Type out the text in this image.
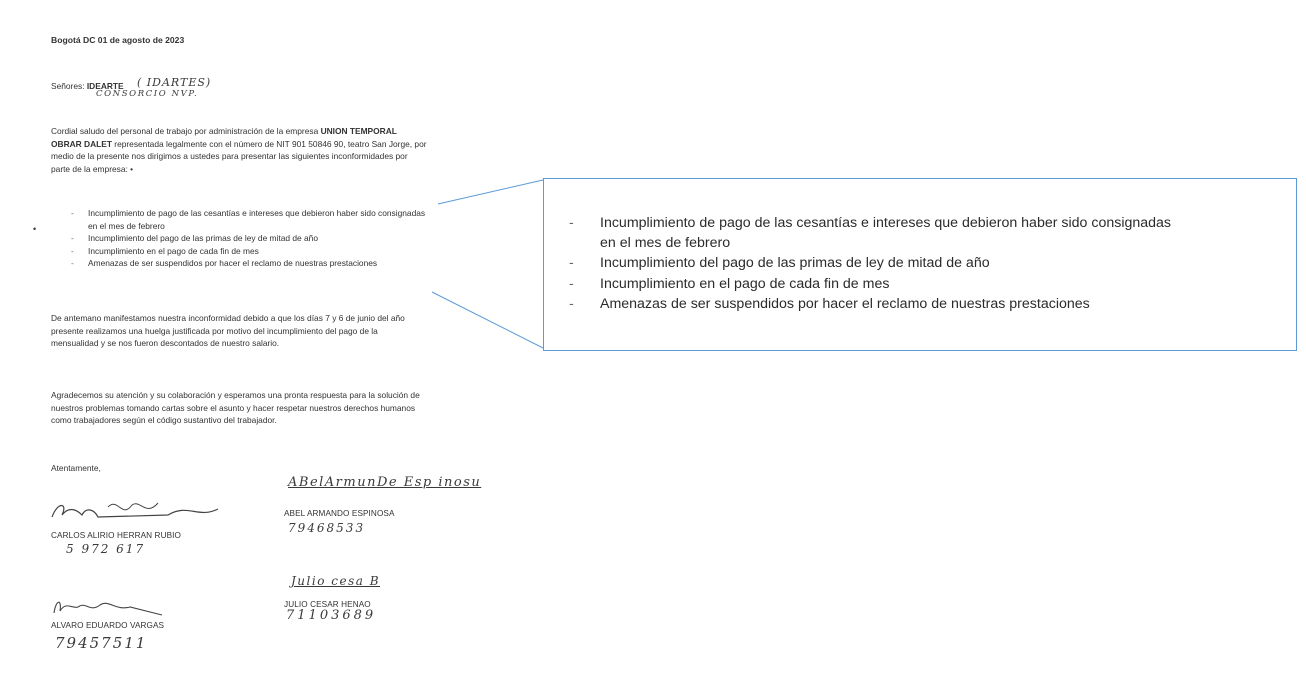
Bogotá DC 01 de agosto de 2023
Señores: IDEARTE ( IDARTES)
CONSORCIO NVP.
Cordial saludo del personal de trabajo por administración de la empresa UNION TEMPORAL
OBRAR DALET representada legalmente con el número de NIT 901 50846 90, teatro San Jorge, por
medio de la presente nos dirigimos a ustedes para presentar las siguientes inconformidades por
parte de la empresa: •
•
- Incumplimiento de pago de las cesantías e intereses que debieron haber sido consignadas
en el mes de febrero
- Incumplimiento del pago de las primas de ley de mitad de año
- Incumplimiento en el pago de cada fin de mes
- Amenazas de ser suspendidos por hacer el reclamo de nuestras prestaciones
De antemano manifestamos nuestra inconformidad debido a que los días 7 y 6 de junio del año
presente realizamos una huelga justificada por motivo del incumplimiento del pago de la
mensualidad y se nos fueron descontados de nuestro salario.
Agradecemos su atención y su colaboración y esperamos una pronta respuesta para la solución de
nuestros problemas tomando cartas sobre el asunto y hacer respetar nuestros derechos humanos
como trabajadores según el código sustantivo del trabajador.
Atentamente,
CARLOS ALIRIO HERRAN RUBIO
5 972 617
ABelArmunDe Esp inosu
ABEL ARMANDO ESPINOSA
79468533
Julio cesa B
JULIO CESAR HENAO
71103689
ALVARO EDUARDO VARGAS
79457511
- Incumplimiento de pago de las cesantías e intereses que debieron haber sido consignadas
en el mes de febrero
- Incumplimiento del pago de las primas de ley de mitad de año
- Incumplimiento en el pago de cada fin de mes
- Amenazas de ser suspendidos por hacer el reclamo de nuestras prestaciones
